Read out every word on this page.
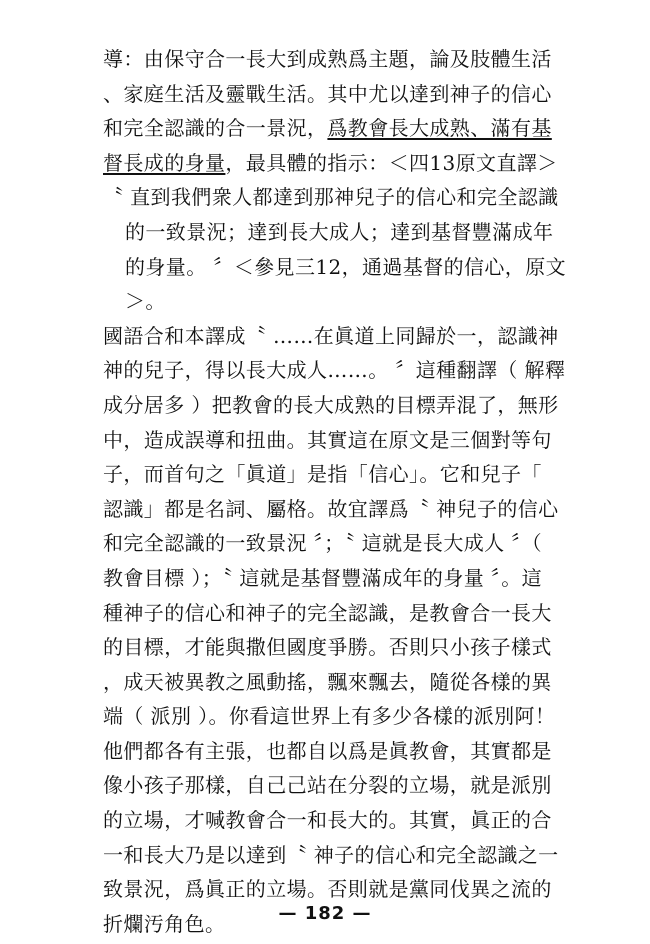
導：由保守合一長大到成熟爲主題，論及肢體生活
、家庭生活及靈戰生活。其中尤以達到神子的信心
和完全認識的合一景況，爲教會長大成熟、滿有基
督長成的身量，最具體的指示：＜四13原文直譯＞
〝 直到我們衆人都達到那神兒子的信心和完全認識
的一致景況；達到長大成人；達到基督豐滿成年
的身量。 〞＜參見三12，通過基督的信心，原文
＞。
國語合和本譯成〝 ……在眞道上同歸於一，認識神
神的兒子，得以長大成人……。 〞這種翻譯（ 解釋
成分居多 ）把教會的長大成熟的目標弄混了，無形
中，造成誤導和扭曲。其實這在原文是三個對等句
子，而首句之「眞道」是指「信心」。它和兒子「
認識」都是名詞、屬格。故宜譯爲〝 神兒子的信心
和完全認識的一致景況 〞；〝 這就是長大成人 〞（
教會目標 ）；〝 這就是基督豐滿成年的身量 〞。這
種神子的信心和神子的完全認識，是教會合一長大
的目標，才能與撒但國度爭勝。否則只小孩子樣式
，成天被異教之風動搖，飄來飄去，隨從各樣的異
端（ 派別 ）。你看這世界上有多少各樣的派別阿！
他們都各有主張，也都自以爲是眞教會，其實都是
像小孩子那樣，自己己站在分裂的立場，就是派別
的立場，才喊教會合一和長大的。其實，眞正的合
一和長大乃是以達到〝 神子的信心和完全認識之一
致景況，爲眞正的立場。否則就是黨同伐異之流的
折爛汚角色。	— 182 —
